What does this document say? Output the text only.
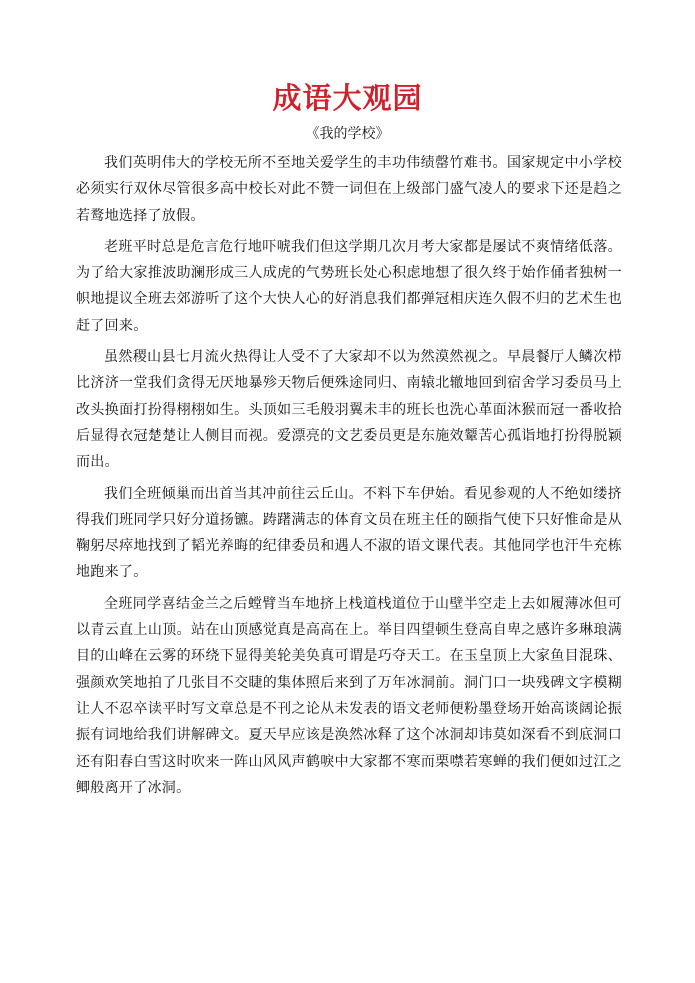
成语大观园
《我的学校》

我们英明伟大的学校无所不至地关爱学生的丰功伟绩罄竹难书。国家规定中小学校必须实行双休尽管很多高中校长对此不赞一词但在上级部门盛气凌人的要求下还是趋之若鹜地选择了放假。

老班平时总是危言危行地吓唬我们但这学期几次月考大家都是屡试不爽情绪低落。为了给大家推波助澜形成三人成虎的气势班长处心积虑地想了很久终于始作俑者独树一帜地提议全班去郊游听了这个大快人心的好消息我们都弹冠相庆连久假不归的艺术生也赶了回来。

虽然稷山县七月流火热得让人受不了大家却不以为然漠然视之。早晨餐厅人鳞次栉比济济一堂我们贪得无厌地暴殄天物后便殊途同归、南辕北辙地回到宿舍学习委员马上改头换面打扮得栩栩如生。头顶如三毛般羽翼未丰的班长也洗心革面沐猴而冠一番收拾后显得衣冠楚楚让人侧目而视。爱漂亮的文艺委员更是东施效颦苦心孤诣地打扮得脱颖而出。

我们全班倾巢而出首当其冲前往云丘山。不料下车伊始。看见参观的人不绝如缕挤得我们班同学只好分道扬镳。踌躇满志的体育文员在班主任的颐指气使下只好惟命是从鞠躬尽瘁地找到了韬光养晦的纪律委员和遇人不淑的语文课代表。其他同学也汗牛充栋地跑来了。

全班同学喜结金兰之后螳臂当车地挤上栈道栈道位于山壁半空走上去如履薄冰但可以青云直上山顶。站在山顶感觉真是高高在上。举目四望顿生登高自卑之感许多琳琅满目的山峰在云雾的环绕下显得美轮美奂真可谓是巧夺天工。在玉皇顶上大家鱼目混珠、强颜欢笑地拍了几张目不交睫的集体照后来到了万年冰洞前。洞门口一块残碑文字模糊让人不忍卒读平时写文章总是不刊之论从未发表的语文老师便粉墨登场开始高谈阔论振振有词地给我们讲解碑文。夏天早应该是涣然冰释了这个冰洞却讳莫如深看不到底洞口还有阳春白雪这时吹来一阵山风风声鹤唳中大家都不寒而栗噤若寒蝉的我们便如过江之鲫般离开了冰洞。
